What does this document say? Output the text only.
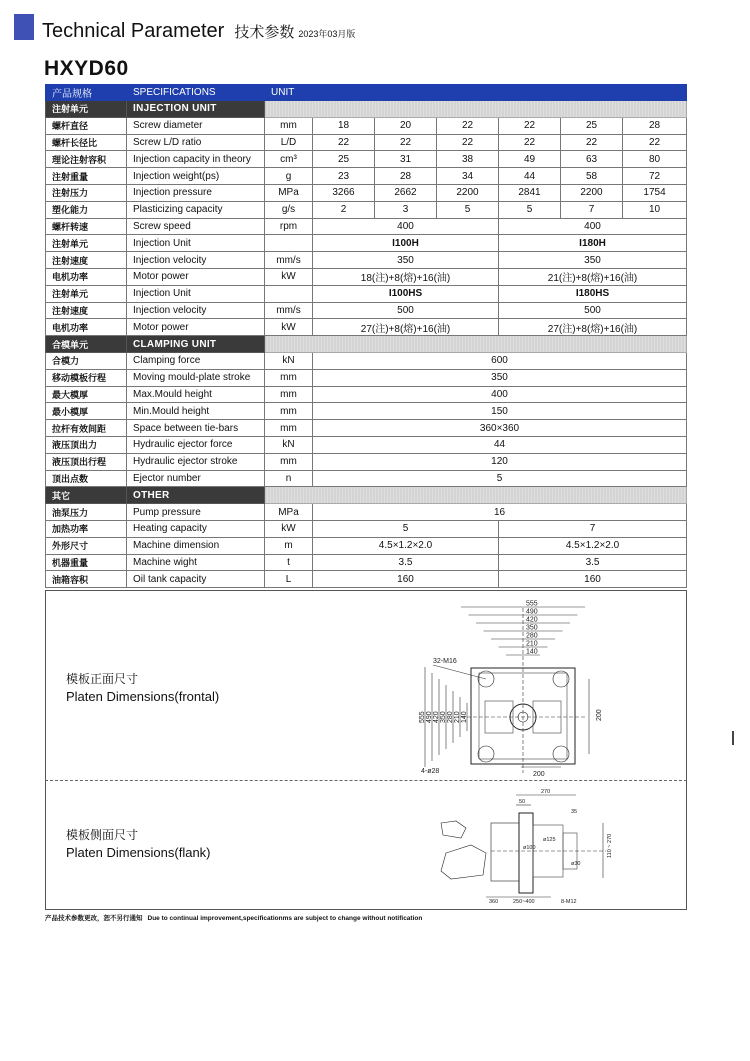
Technical Parameter 技术参数 2023年03月版
HXYD60
产品规格	SPECIFICATIONS	UNIT						
注射单元	INJECTION UNIT							
螺杆直径	Screw diameter	mm	18	20	22	22	25	28
螺杆长径比	Screw L/D ratio	L/D	22	22	22	22	22	22
理论注射容积	Injection capacity in theory	cm³	25	31	38	49	63	80
注射重量	Injection weight(ps)	g	23	28	34	44	58	72
注射压力	Injection pressure	MPa	3266	2662	2200	2841	2200	1754
塑化能力	Plasticizing capacity	g/s	2	3	5	5	7	10
螺杆转速	Screw speed	rpm	400			400		
注射单元	Injection Unit		I100H			I180H		
注射速度	Injection velocity	mm/s	350			350		
电机功率	Motor power	kW	18(注)+8(熔)+16(油)			21(注)+8(熔)+16(油)		
注射单元	Injection Unit		I100HS			I180HS		
注射速度	Injection velocity	mm/s	500			500		
电机功率	Motor power	kW	27(注)+8(熔)+16(油)			27(注)+8(熔)+16(油)		
合模单元	CLAMPING UNIT							
合模力	Clamping force	kN	600					
移动模板行程	Moving mould-plate stroke	mm	350					
最大模厚	Max.Mould height	mm	400					
最小模厚	Min.Mould height	mm	150					
拉杆有效间距	Space between tie-bars	mm	360×360					
液压顶出力	Hydraulic ejector force	kN	44					
液压顶出行程	Hydraulic ejector stroke	mm	120					
顶出点数	Ejector number	n	5					
其它	OTHER							
油泵压力	Pump pressure	MPa	16					
加热功率	Heating capacity	kW	5			7		
外形尺寸	Machine dimension	m	4.5×1.2×2.0			4.5×1.2×2.0		
机器重量	Machine wight	t	3.5			3.5		
油箱容积	Oil tank capacity	L	160			160		
模板正面尺寸
Platen Dimensions(frontal)
555
490
420
350
280
210
140
555 490 420 350 280 210 140	200
200
4-ø28
32-M16
模板侧面尺寸
Platen Dimensions(flank)
270
50
35
ø100
ø125
ø30
110 ~ 270
360	250~400	8-M12
产品技术参数更改，恕不另行通知 Due to continual improvement,specificationms are subject to change without notification
